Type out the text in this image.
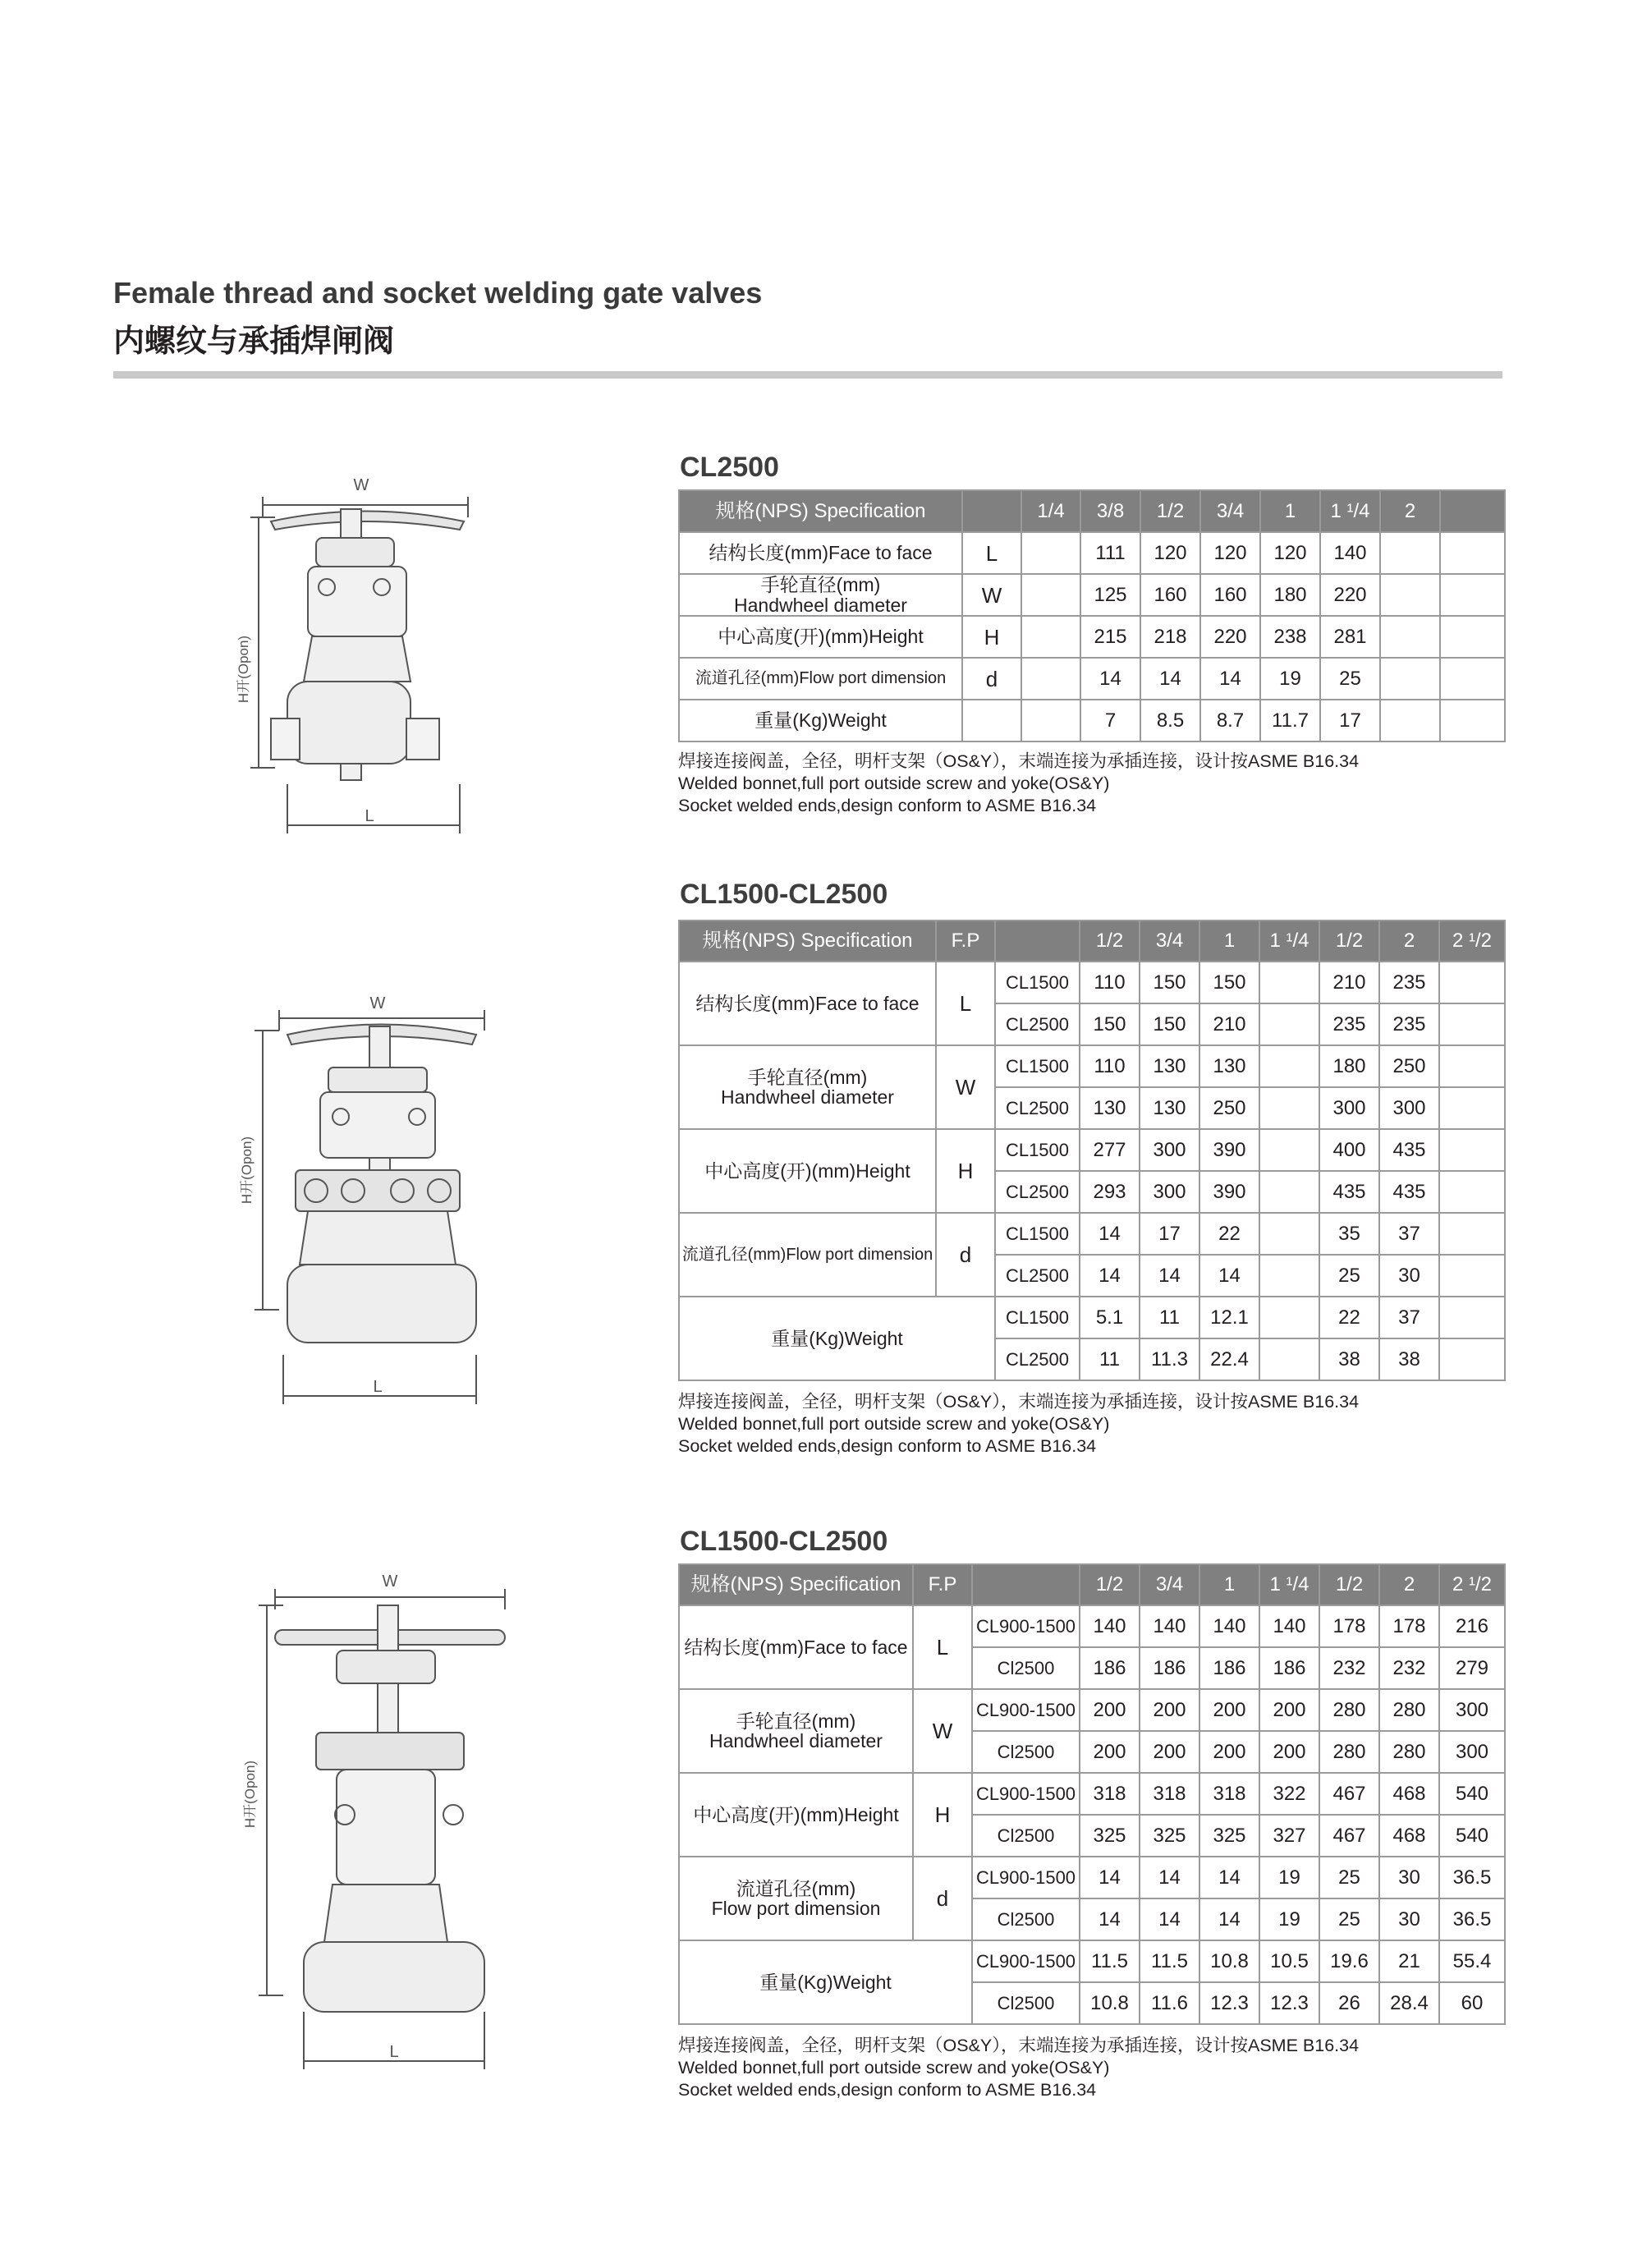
Female thread and socket welding gate valves
内螺纹与承插焊闸阀
W
L
H开(Opon)
W
L
H开(Opon)
W
L
H开(Opon)
CL2500
规格(NPS) Specification		1/4	3/8	1/2	3/4	1	1 ¹/4	2	
结构长度(mm)Face to face	L		111	120	120	120	140		

手轮直径(mm)
Handwheel diameter	W		125	160	160	180	220		
中心高度(开)(mm)Height	H		215	218	220	238	281		
流道孔径(mm)Flow port dimension	d		14	14	14	19	25		
重量(Kg)Weight			7	8.5	8.7	11.7	17		
焊接连接阀盖，全径，明杆支架（OS&Y），末端连接为承插连接，设计按ASME B16.34
Welded bonnet,full port outside screw and yoke(OS&Y)
Socket welded ends,design conform to ASME B16.34
CL1500-CL2500
规格(NPS) Specification	F.P		1/2	3/4	1	1 ¹/4	1/2	2	2 ¹/2
结构长度(mm)Face to face	L	CL1500	110	150	150		210	235	
		CL2500	150	150	210		235	235	

手轮直径(mm)
Handwheel diameter	W	CL1500	110	130	130		180	250	
		CL2500	130	130	250		300	300	
中心高度(开)(mm)Height	H	CL1500	277	300	390		400	435	
		CL2500	293	300	390		435	435	
流道孔径(mm)Flow port dimension	d	CL1500	14	17	22		35	37	
		CL2500	14	14	14		25	30	
重量(Kg)Weight		CL1500	5.1	11	12.1		22	37	
		CL2500	11	11.3	22.4		38	38	
焊接连接阀盖，全径，明杆支架（OS&Y），末端连接为承插连接，设计按ASME B16.34
Welded bonnet,full port outside screw and yoke(OS&Y)
Socket welded ends,design conform to ASME B16.34
CL1500-CL2500
规格(NPS) Specification	F.P		1/2	3/4	1	1 ¹/4	1/2	2	2 ¹/2
结构长度(mm)Face to face	L	CL900-1500	140	140	140	140	178	178	216
		Cl2500	186	186	186	186	232	232	279

手轮直径(mm)
Handwheel diameter	W	CL900-1500	200	200	200	200	280	280	300
		Cl2500	200	200	200	200	280	280	300
中心高度(开)(mm)Height	H	CL900-1500	318	318	318	322	467	468	540
		Cl2500	325	325	325	327	467	468	540

流道孔径(mm)
Flow port dimension	d	CL900-1500	14	14	14	19	25	30	36.5
		Cl2500	14	14	14	19	25	30	36.5
重量(Kg)Weight		CL900-1500	11.5	11.5	10.8	10.5	19.6	21	55.4
		Cl2500	10.8	11.6	12.3	12.3	26	28.4	60
焊接连接阀盖，全径，明杆支架（OS&Y），末端连接为承插连接，设计按ASME B16.34
Welded bonnet,full port outside screw and yoke(OS&Y)
Socket welded ends,design conform to ASME B16.34
